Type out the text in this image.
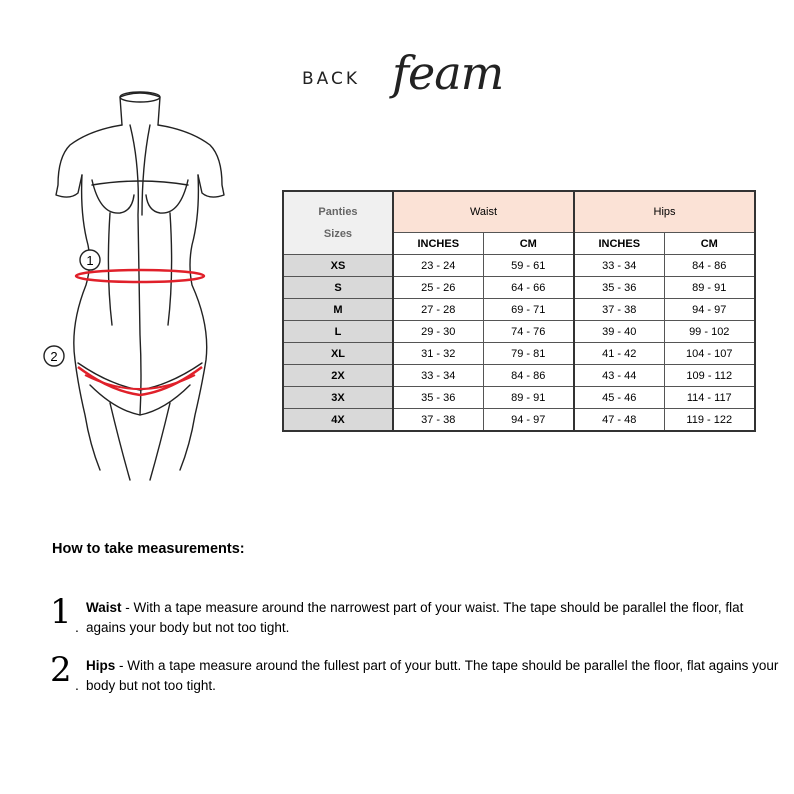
BACK feam
1
2
Panties
Sizes	Waist		Hips	
	INCHES	CM	INCHES	CM
XS	23 - 24	59 - 61	33 - 34	84 - 86
S	25 - 26	64 - 66	35 - 36	89 - 91
M	27 - 28	69 - 71	37 - 38	94 - 97
L	29 - 30	74 - 76	39 - 40	99 - 102
XL	31 - 32	79 - 81	41 - 42	104 - 107
2X	33 - 34	84 - 86	43 - 44	109 - 112
3X	35 - 36	89 - 91	45 - 46	114 - 117
4X	37 - 38	94 - 97	47 - 48	119 - 122
How to take measurements:
1 .
Waist - With a tape measure around the narrowest part of your waist. The tape should be parallel the floor, flat agains your body but not too tight.
2 .
Hips - With a tape measure around the fullest part of your butt. The tape should be parallel the floor, flat agains your body but not too tight.
